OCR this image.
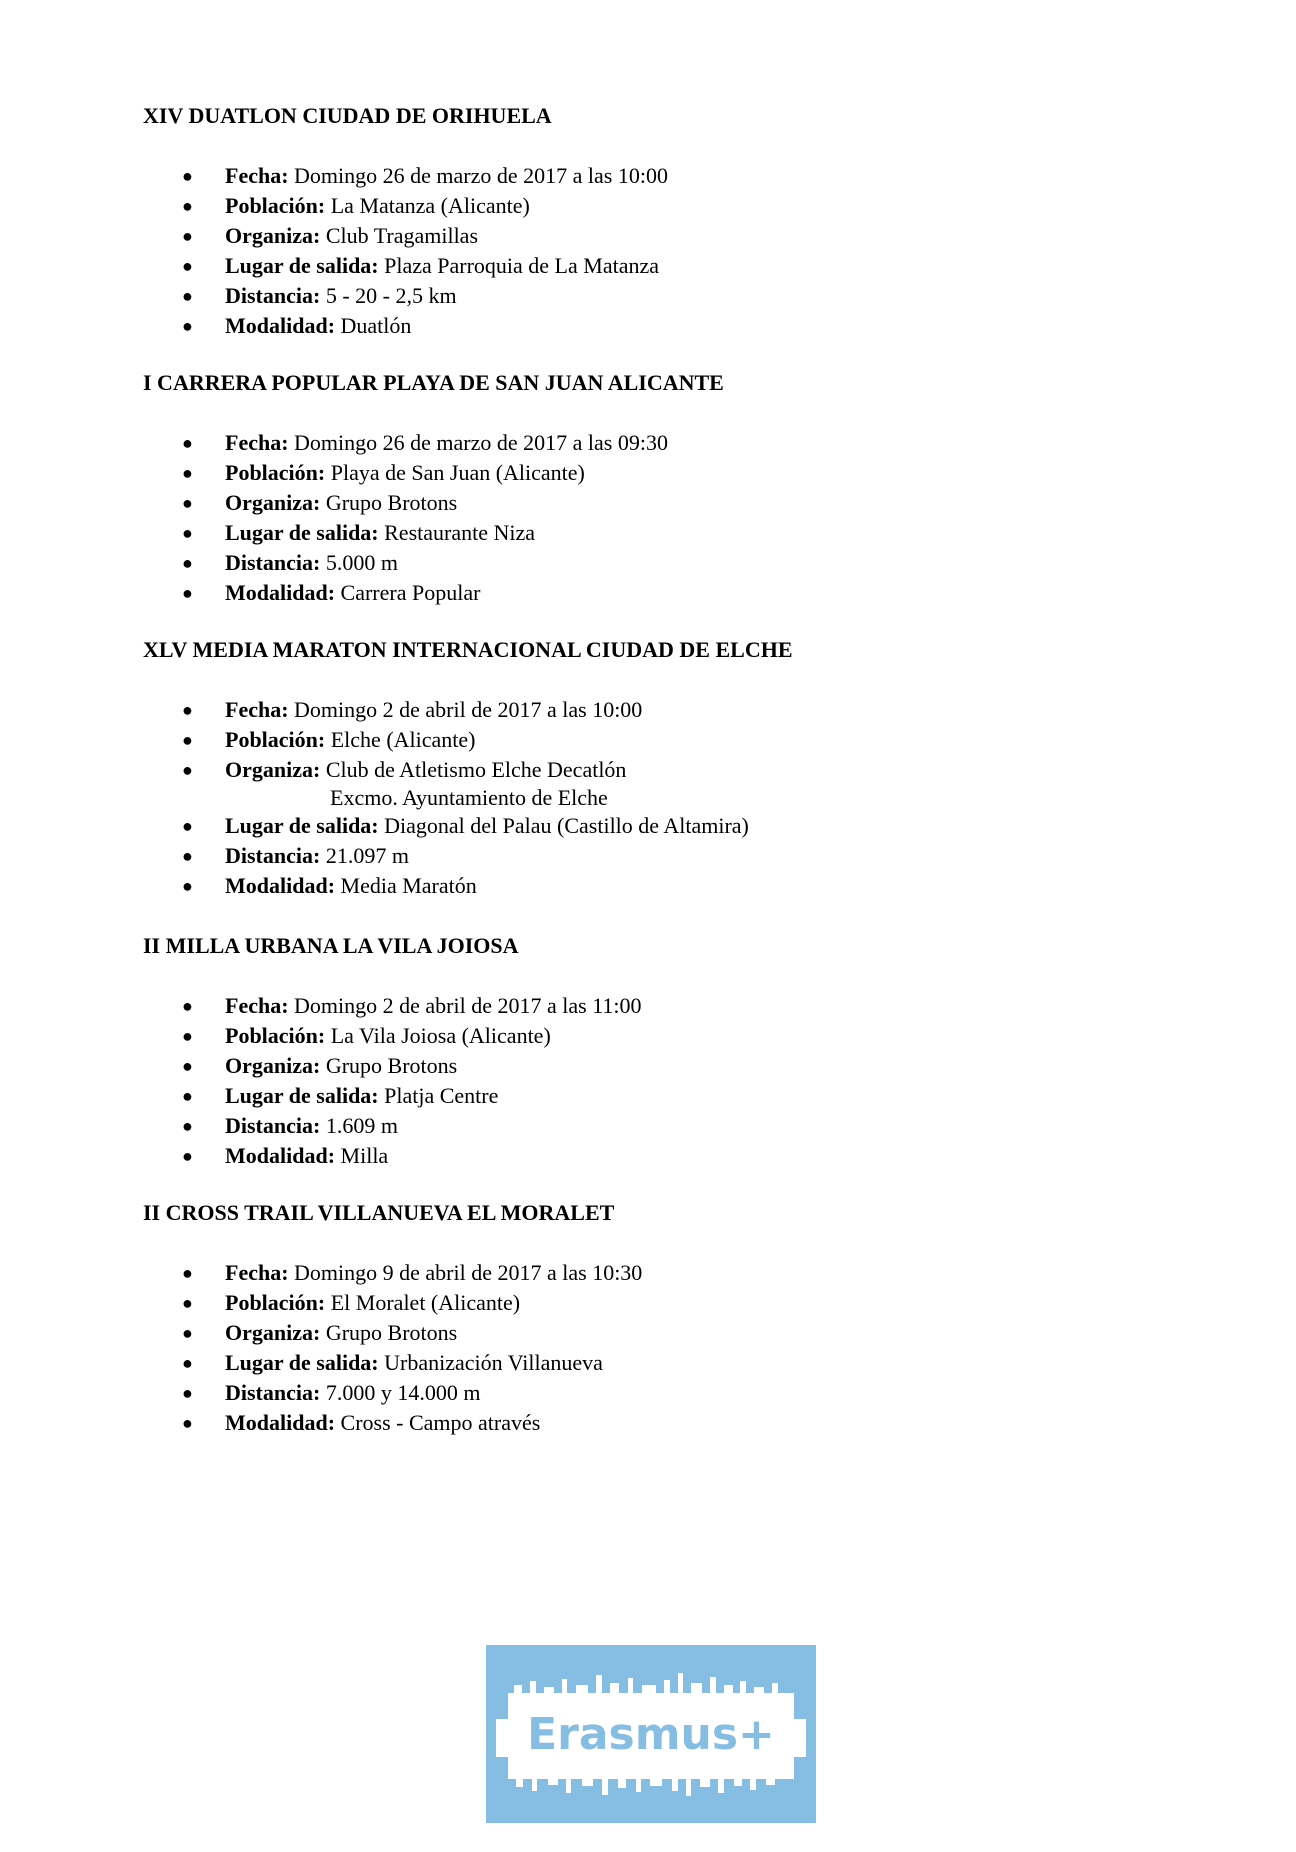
XIV DUATLON CIUDAD DE ORIHUELA
● Fecha: Domingo 26 de marzo de 2017 a las 10:00
● Población: La Matanza (Alicante)
● Organiza: Club Tragamillas
● Lugar de salida: Plaza Parroquia de La Matanza
● Distancia: 5 - 20 - 2,5 km
● Modalidad: Duatlón
I CARRERA POPULAR PLAYA DE SAN JUAN ALICANTE
● Fecha: Domingo 26 de marzo de 2017 a las 09:30
● Población: Playa de San Juan (Alicante)
● Organiza: Grupo Brotons
● Lugar de salida: Restaurante Niza
● Distancia: 5.000 m
● Modalidad: Carrera Popular
XLV MEDIA MARATON INTERNACIONAL CIUDAD DE ELCHE
● Fecha: Domingo 2 de abril de 2017 a las 10:00
● Población: Elche (Alicante)
● Organiza: Club de Atletismo Elche Decatlón
Excmo. Ayuntamiento de Elche
● Lugar de salida: Diagonal del Palau (Castillo de Altamira)
● Distancia: 21.097 m
● Modalidad: Media Maratón
II MILLA URBANA LA VILA JOIOSA
● Fecha: Domingo 2 de abril de 2017 a las 11:00
● Población: La Vila Joiosa (Alicante)
● Organiza: Grupo Brotons
● Lugar de salida: Platja Centre
● Distancia: 1.609 m
● Modalidad: Milla
II CROSS TRAIL VILLANUEVA EL MORALET
● Fecha: Domingo 9 de abril de 2017 a las 10:30
● Población: El Moralet (Alicante)
● Organiza: Grupo Brotons
● Lugar de salida: Urbanización Villanueva
● Distancia: 7.000 y 14.000 m
● Modalidad: Cross - Campo através
Erasmus+
